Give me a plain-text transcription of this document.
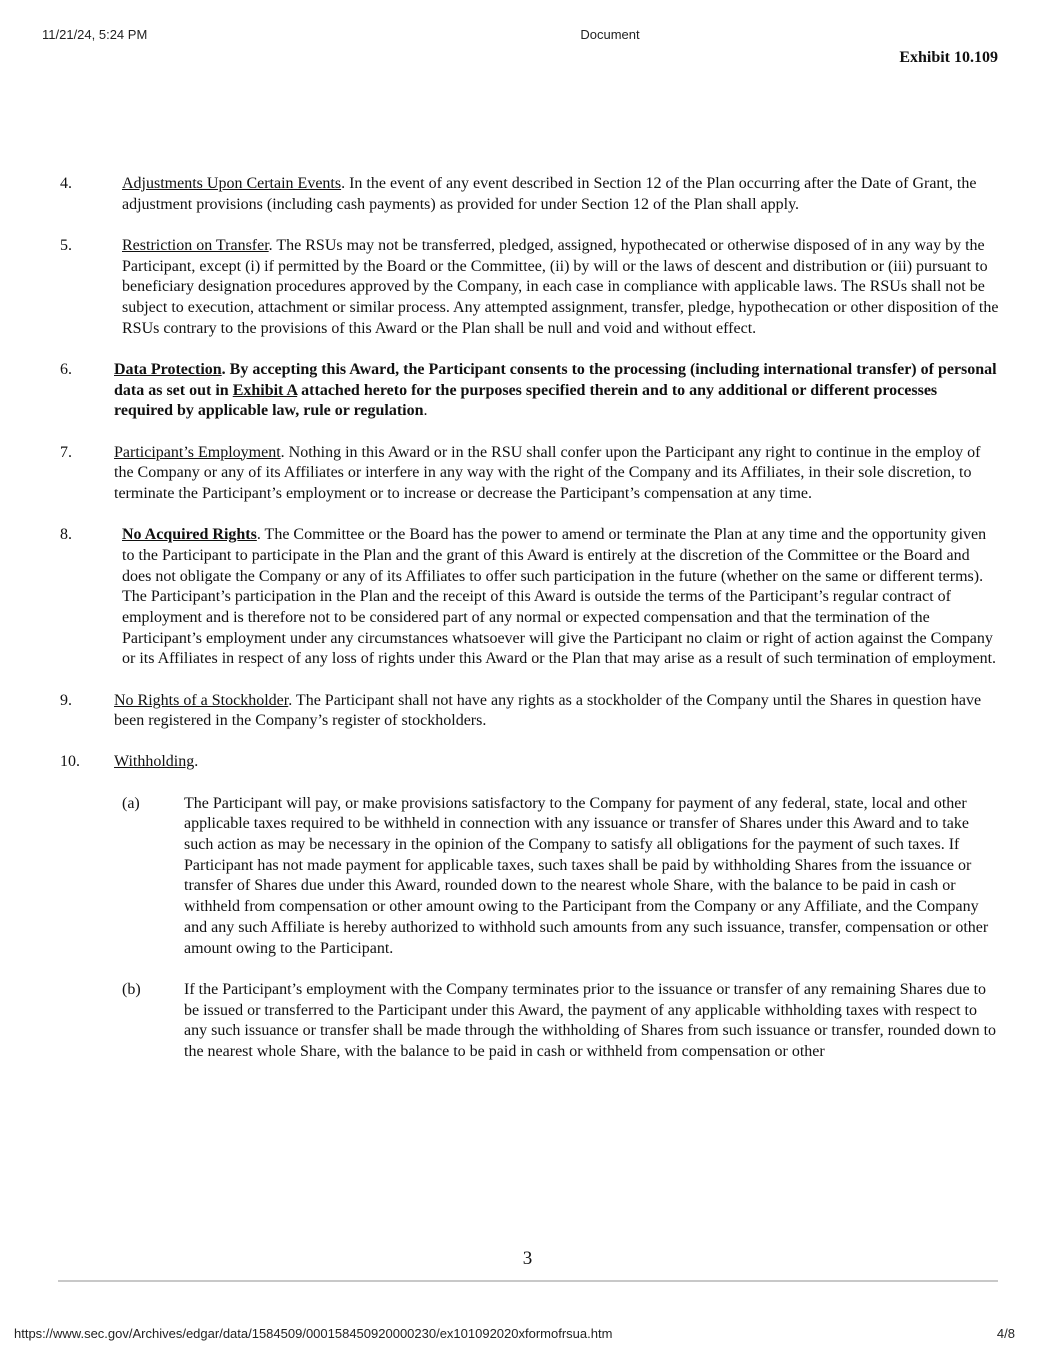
11/21/24, 5:24 PM	Document
Exhibit 10.109
4.	Adjustments Upon Certain Events. In the event of any event described in Section 12 of the Plan occurring after the Date of Grant, the adjustment provisions (including cash payments) as provided for under Section 12 of the Plan shall apply.
5.	Restriction on Transfer. The RSUs may not be transferred, pledged, assigned, hypothecated or otherwise disposed of in any way by the Participant, except (i) if permitted by the Board or the Committee, (ii) by will or the laws of descent and distribution or (iii) pursuant to beneficiary designation procedures approved by the Company, in each case in compliance with applicable laws. The RSUs shall not be subject to execution, attachment or similar process. Any attempted assignment, transfer, pledge, hypothecation or other disposition of the RSUs contrary to the provisions of this Award or the Plan shall be null and void and without effect.
6.	Data Protection. By accepting this Award, the Participant consents to the processing (including international transfer) of personal data as set out in Exhibit A attached hereto for the purposes specified therein and to any additional or different processes required by applicable law, rule or regulation.
7.	Participant’s Employment. Nothing in this Award or in the RSU shall confer upon the Participant any right to continue in the employ of the Company or any of its Affiliates or interfere in any way with the right of the Company and its Affiliates, in their sole discretion, to terminate the Participant’s employment or to increase or decrease the Participant’s compensation at any time.
8.	No Acquired Rights. The Committee or the Board has the power to amend or terminate the Plan at any time and the opportunity given to the Participant to participate in the Plan and the grant of this Award is entirely at the discretion of the Committee or the Board and does not obligate the Company or any of its Affiliates to offer such participation in the future (whether on the same or different terms). The Participant’s participation in the Plan and the receipt of this Award is outside the terms of the Participant’s regular contract of employment and is therefore not to be considered part of any normal or expected compensation and that the termination of the Participant’s employment under any circumstances whatsoever will give the Participant no claim or right of action against the Company or its Affiliates in respect of any loss of rights under this Award or the Plan that may arise as a result of such termination of employment.
9.	No Rights of a Stockholder. The Participant shall not have any rights as a stockholder of the Company until the Shares in question have been registered in the Company’s register of stockholders.
10. Withholding.
(a)	The Participant will pay, or make provisions satisfactory to the Company for payment of any federal, state, local and other applicable taxes required to be withheld in connection with any issuance or transfer of Shares under this Award and to take such action as may be necessary in the opinion of the Company to satisfy all obligations for the payment of such taxes. If Participant has not made payment for applicable taxes, such taxes shall be paid by withholding Shares from the issuance or transfer of Shares due under this Award, rounded down to the nearest whole Share, with the balance to be paid in cash or withheld from compensation or other amount owing to the Participant from the Company or any Affiliate, and the Company and any such Affiliate is hereby authorized to withhold such amounts from any such issuance, transfer, compensation or other amount owing to the Participant.
(b)	If the Participant’s employment with the Company terminates prior to the issuance or transfer of any remaining Shares due to be issued or transferred to the Participant under this Award, the payment of any applicable withholding taxes with respect to any such issuance or transfer shall be made through the withholding of Shares from such issuance or transfer, rounded down to the nearest whole Share, with the balance to be paid in cash or withheld from compensation or other
3
https://www.sec.gov/Archives/edgar/data/1584509/000158450920000230/ex101092020xformofrsua.htm	4/8
